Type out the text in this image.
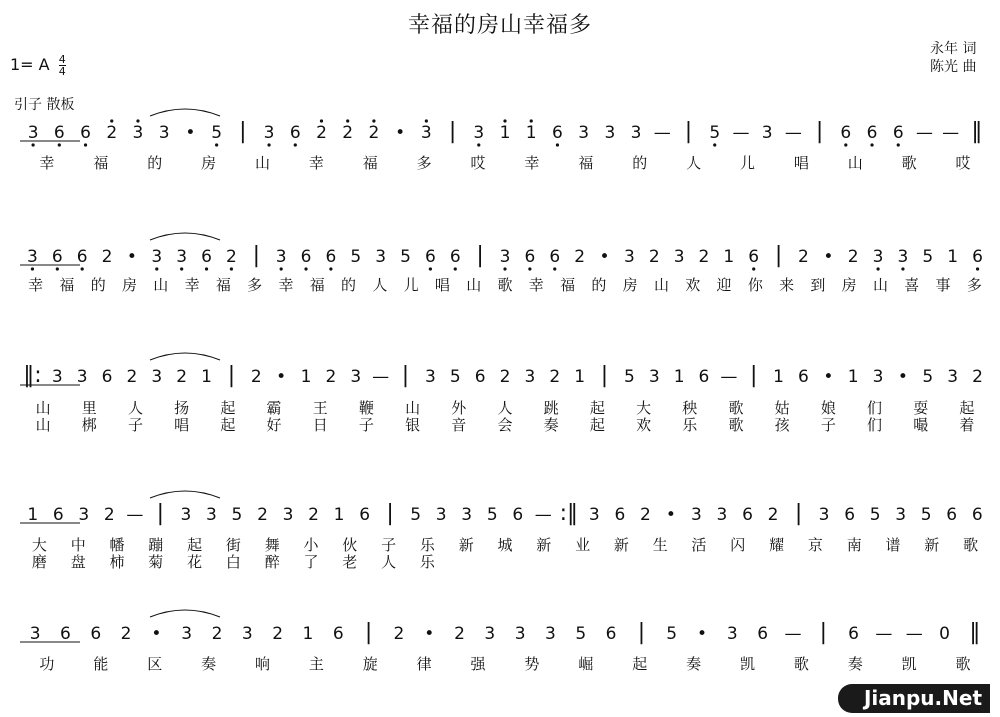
幸福的房山幸福多
1= A $\frac{4}{4}$
永年 词
陈光 曲
引子 散板
3 6 6 2 3 3 • 5 | 3 6 2 2 2 • 3 | 3 1 1 6 3 3 3 — | 5 — 3 — | 6 6 6 — — ‖
幸	福	的	房	山	幸	福	多	哎	幸	福	的	人	儿	唱	山	歌	哎
3 6 6 2 • 3 3 6 2 | 3 6 6 5 3 5 6 6 | 3 6 6 2 • 3 2 3 2 1 6 | 2 • 2 3 3 5 1 6
幸 福 的 房 山 幸 福 多 幸 福 的 人 儿 唱 山 歌 幸 福 的 房 山 欢 迎 你 来 到 房 山 喜 事 多
‖: 3 3 6 2 3 2 1 | 2 • 1 2 3 — | 3 5 6 2 3 2 1 | 5 3 1 6 — | 1 6 • 1 3 • 5 3 2
山 里 人 扬 起 霸 王 鞭 山 外 人 跳 起 大 秧 歌 姑 娘 们 耍 起
山 梆 子 唱 起 好 日 子 银 音 会 奏 起 欢 乐 歌 孩 子 们 嘬 着
1 6 3 2 — | 3 3 5 2 3 2 1 6 | 5 3 3 5 6 — :‖ 3 6 2 • 3 3 6 2 | 3 6 5 3 5 6 6
大 中 幡 蹦 起 街 舞 小 伙 子 乐 新 城 新 业 新 生 活 闪 耀 京 南 谱 新 歌
磨 盘 柿 菊 花 白 醉 了 老 人 乐
3 6 6 2 • 3 2 3 2 1 6 | 2 • 2 3 3 3 5 6 | 5 • 3 6 — | 6 — — 0 ‖
功	能	区	奏	响	主	旋	律	强	势	崛	起	奏	凯	歌	奏	凯	歌
Jianpu.Net
